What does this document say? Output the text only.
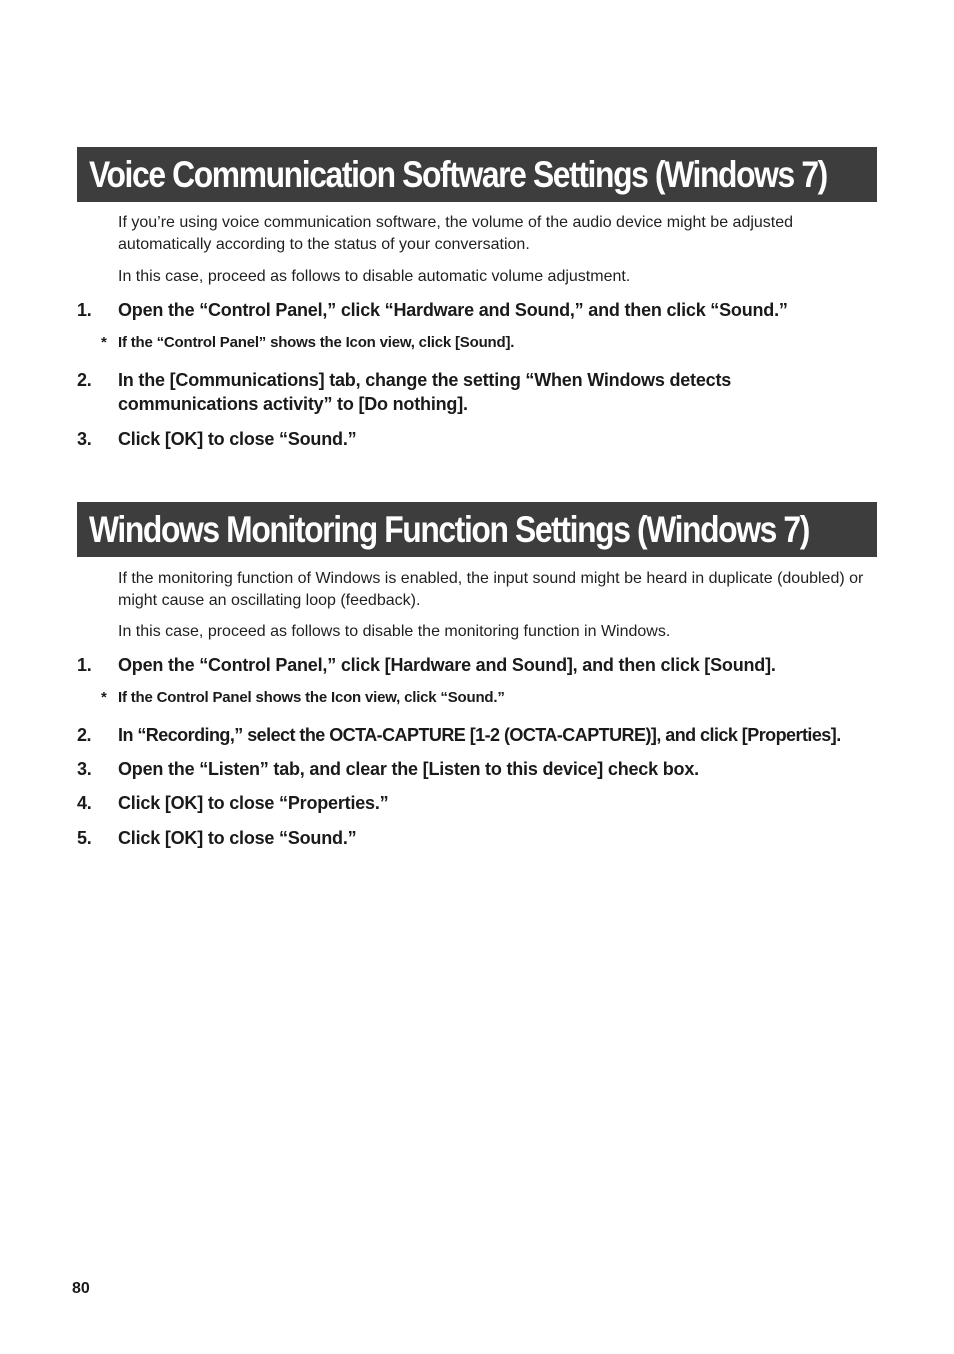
Voice Communication Software Settings (Windows 7)

If you’re using voice communication software, the volume of the audio device might be adjusted automatically according to the status of your conversation.

In this case, proceed as follows to disable automatic volume adjustment.

1.	Open the “Control Panel,” click “Hardware and Sound,” and then click “Sound.”
* If the “Control Panel” shows the Icon view, click [Sound].
2.	In the [Communications] tab, change the setting “When Windows detects communications activity” to [Do nothing].
3.	Click [OK] to close “Sound.”
Windows Monitoring Function Settings (Windows 7)

If the monitoring function of Windows is enabled, the input sound might be heard in duplicate (doubled) or might cause an oscillating loop (feedback).

In this case, proceed as follows to disable the monitoring function in Windows.

1.	Open the “Control Panel,” click [Hardware and Sound], and then click [Sound].
* If the Control Panel shows the Icon view, click “Sound.”
2.	In “Recording,” select the OCTA-CAPTURE [1-2 (OCTA-CAPTURE)], and click [Properties].
3.	Open the “Listen” tab, and clear the [Listen to this device] check box.
4.	Click [OK] to close “Properties.”
5.	Click [OK] to close “Sound.”
80
